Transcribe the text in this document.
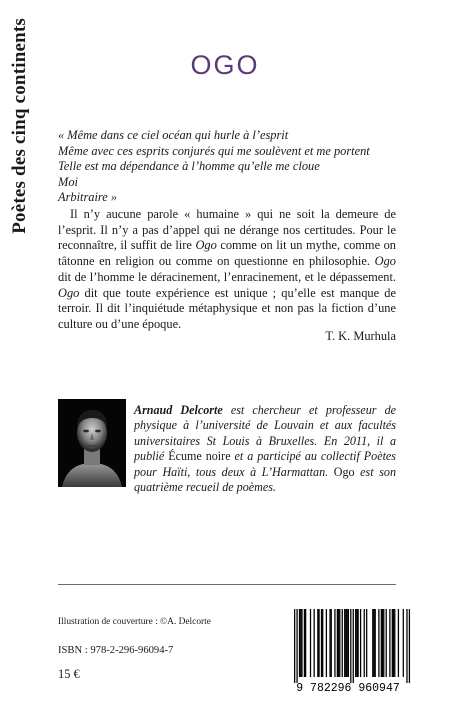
Poètes des cinq continents	OGO
« Même dans ce ciel océan qui hurle à l’esprit
Même avec ces esprits conjurés qui me soulèvent et me portent
Telle est ma dépendance à l’homme qu’elle me cloue
Moi
Arbitraire »
Il n’y aucune parole « humaine » qui ne soit la demeure de l’esprit. Il n’y a pas d’appel qui ne dérange nos certitudes. Pour le reconnaître, il suffit de lire Ogo comme on lit un mythe, comme on tâtonne en religion ou comme on questionne en philosophie. Ogo dit de l’homme le déracinement, l’enracinement, et le dépassement. Ogo dit que toute expérience est unique ; qu’elle est manque de terroir. Il dit l’inquiétude métaphysique et non pas la fiction d’une culture ou d’une époque.
T. K. Murhula
Arnaud Delcorte est chercheur et professeur de physique à l’université de Louvain et aux facultés universitaires St Louis à Bruxelles. En 2011, il a publié Écume noire et a participé au collectif Poètes pour Haïti, tous deux à L’Harmattan. Ogo est son quatrième recueil de poèmes.
Illustration de couverture : ©A. Delcorte
ISBN : 978-2-296-96094-7
15 €
9 782296 960947
